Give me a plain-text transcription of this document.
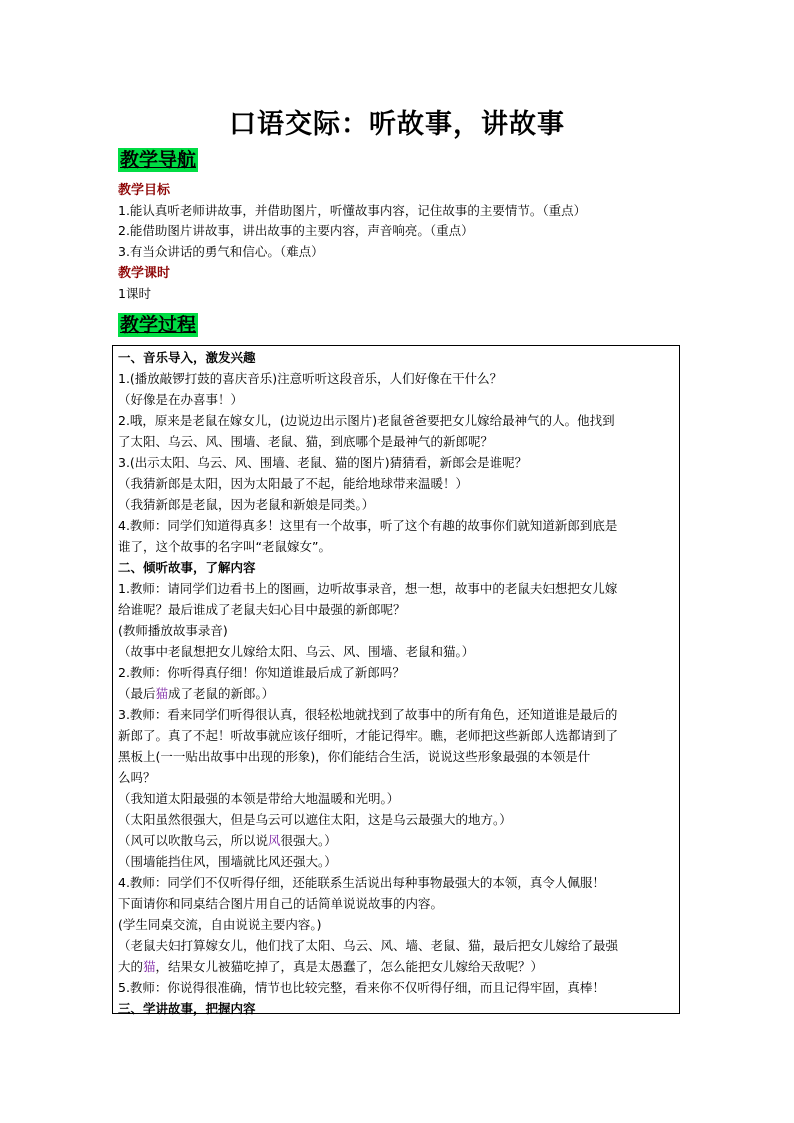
口语交际：听故事，讲故事
教学导航
教学目标
1.能认真听老师讲故事，并借助图片，听懂故事内容，记住故事的主要情节。（重点）
2.能借助图片讲故事，讲出故事的主要内容，声音响亮。（重点）
3.有当众讲话的勇气和信心。（难点）
教学课时
1课时
教学过程
一、音乐导入，激发兴趣
1.(播放敲锣打鼓的喜庆音乐)注意听听这段音乐，人们好像在干什么？
（好像是在办喜事！）
2.哦，原来是老鼠在嫁女儿，(边说边出示图片)老鼠爸爸要把女儿嫁给最神气的人。他找到
了太阳、乌云、风、围墙、老鼠、猫，到底哪个是最神气的新郎呢？
3.(出示太阳、乌云、风、围墙、老鼠、猫的图片)猜猜看，新郎会是谁呢？
（我猜新郎是太阳，因为太阳最了不起，能给地球带来温暖！）
（我猜新郎是老鼠，因为老鼠和新娘是同类。）
4.教师：同学们知道得真多！这里有一个故事，听了这个有趣的故事你们就知道新郎到底是
谁了，这个故事的名字叫“老鼠嫁女”。
二、倾听故事，了解内容
1.教师：请同学们边看书上的图画，边听故事录音，想一想，故事中的老鼠夫妇想把女儿嫁
给谁呢？最后谁成了老鼠夫妇心目中最强的新郎呢？
(教师播放故事录音)
（故事中老鼠想把女儿嫁给太阳、乌云、风、围墙、老鼠和猫。）
2.教师：你听得真仔细！你知道谁最后成了新郎吗？
（最后猫成了老鼠的新郎。）
3.教师：看来同学们听得很认真，很轻松地就找到了故事中的所有角色，还知道谁是最后的
新郎了。真了不起！听故事就应该仔细听，才能记得牢。瞧，老师把这些新郎人选都请到了
黑板上(一一贴出故事中出现的形象)，你们能结合生活，说说这些形象最强的本领是什
么吗？
（我知道太阳最强的本领是带给大地温暖和光明。）
（太阳虽然很强大，但是乌云可以遮住太阳，这是乌云最强大的地方。）
（风可以吹散乌云，所以说风很强大。）
（围墙能挡住风，围墙就比风还强大。）
4.教师：同学们不仅听得仔细，还能联系生活说出每种事物最强大的本领，真令人佩服！
下面请你和同桌结合图片用自己的话简单说说故事的内容。
(学生同桌交流，自由说说主要内容。)
（老鼠夫妇打算嫁女儿，他们找了太阳、乌云、风、墙、老鼠、猫，最后把女儿嫁给了最强
大的猫，结果女儿被猫吃掉了，真是太愚蠢了，怎么能把女儿嫁给天敌呢？）
5.教师：你说得很准确，情节也比较完整，看来你不仅听得仔细，而且记得牢固，真棒！
三、学讲故事，把握内容
